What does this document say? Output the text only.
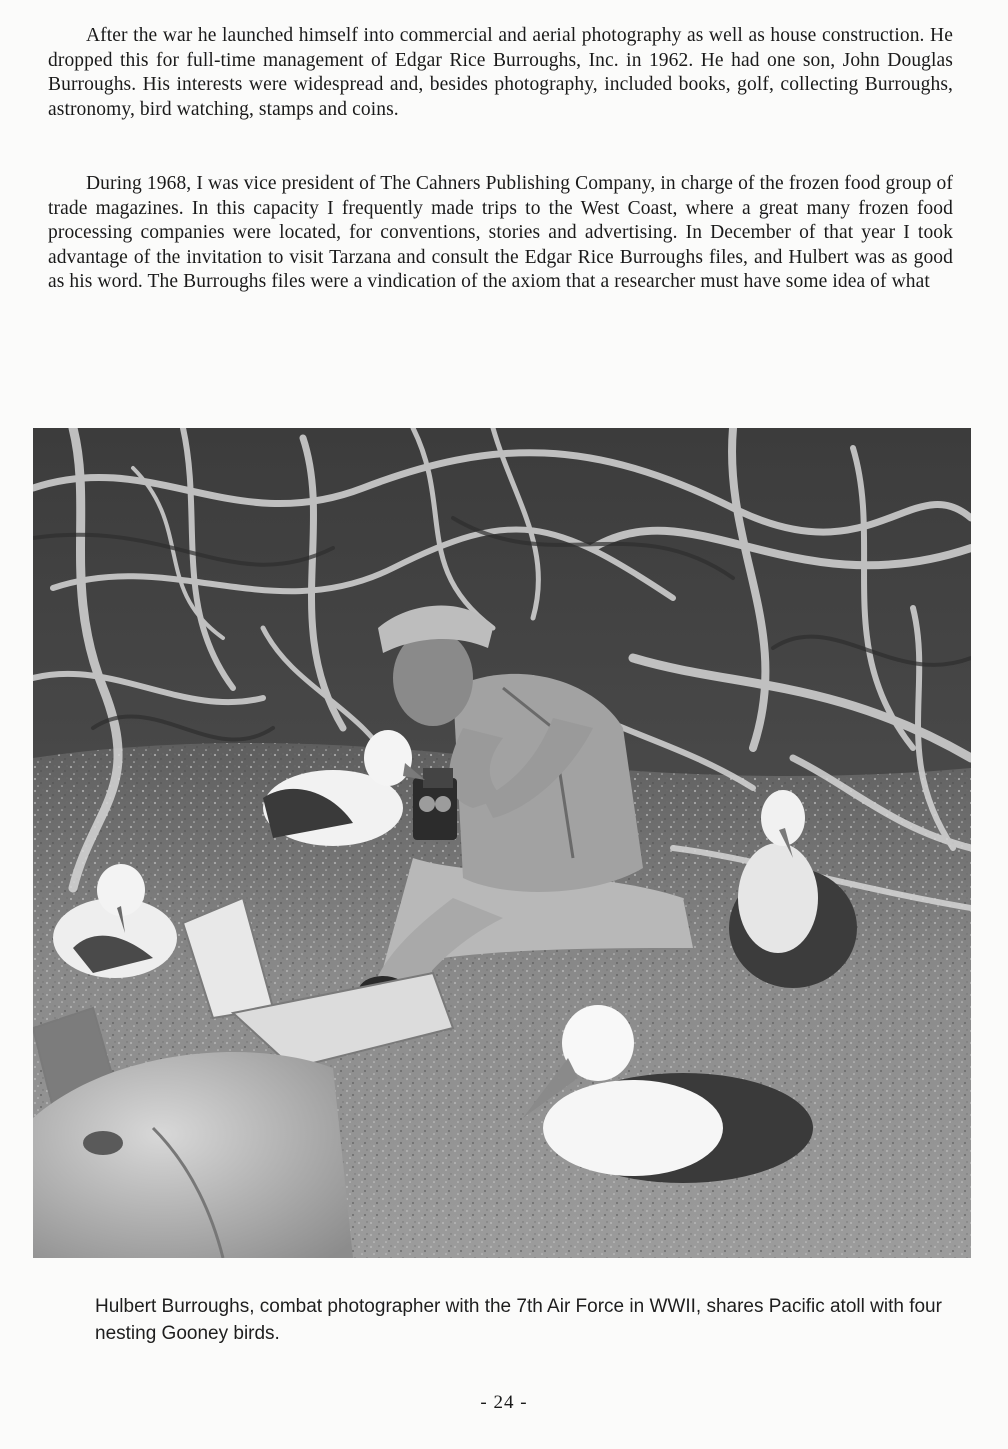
After the war he launched himself into commercial and aerial photography as well as house construction. He dropped this for full-time management of Edgar Rice Burroughs, Inc. in 1962. He had one son, John Douglas Burroughs. His interests were widespread and, besides photography, included books, golf, collecting Burroughs, astronomy, bird watching, stamps and coins.

During 1968, I was vice president of The Cahners Publishing Company, in charge of the frozen food group of trade magazines. In this capacity I frequently made trips to the West Coast, where a great many frozen food processing companies were located, for conventions, stories and advertising. In December of that year I took advantage of the invitation to visit Tarzana and consult the Edgar Rice Burroughs files, and Hulbert was as good as his word. The Burroughs files were a vindication of the axiom that a researcher must have some idea of what

Hulbert Burroughs, combat photographer with the 7th Air Force in WWII, shares Pacific atoll with four nesting Gooney birds.

- 24 -
